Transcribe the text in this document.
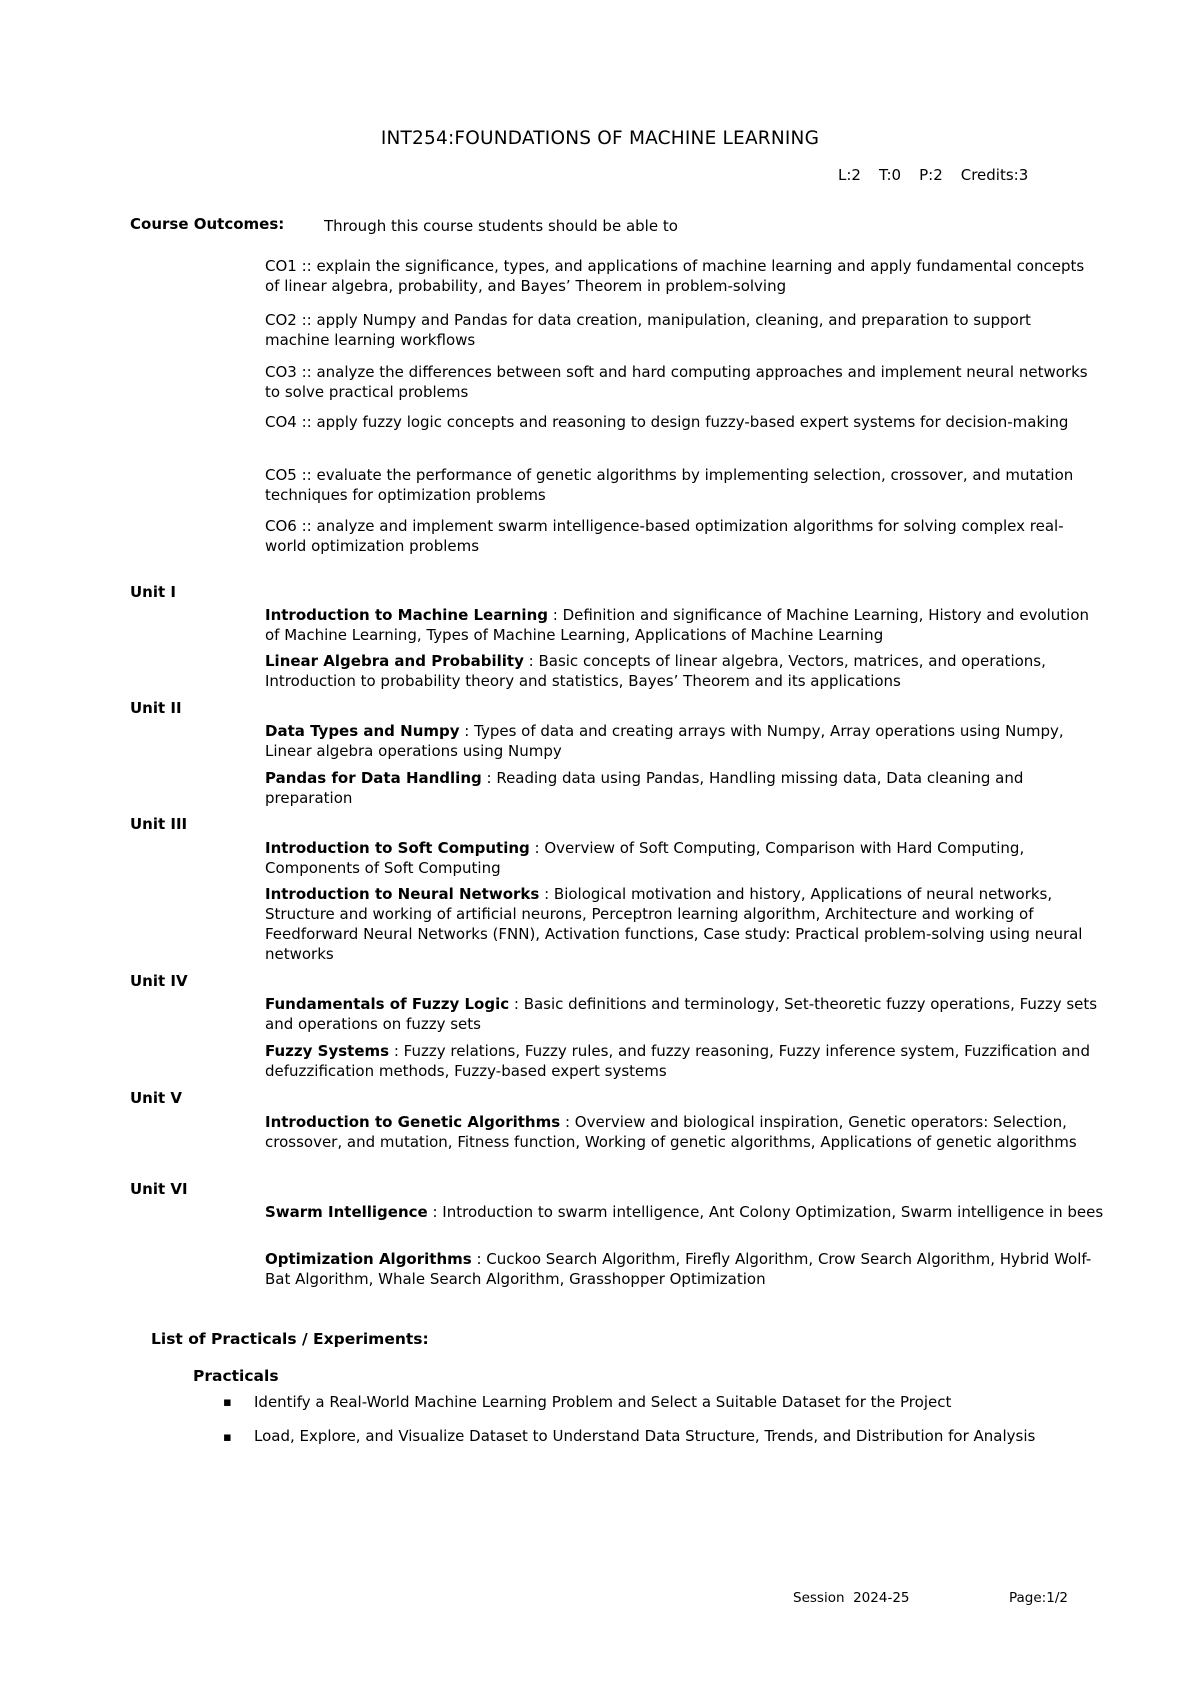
INT254:FOUNDATIONS OF MACHINE LEARNING
L:2 T:0 P:2 Credits:3
Course Outcomes:	Through this course students should be able to
CO1 :: explain the significance, types, and applications of machine learning and apply fundamental concepts of linear algebra, probability, and Bayes’ Theorem in problem-solving
CO2 :: apply Numpy and Pandas for data creation, manipulation, cleaning, and preparation to support machine learning workflows
CO3 :: analyze the differences between soft and hard computing approaches and implement neural networks to solve practical problems
CO4 :: apply fuzzy logic concepts and reasoning to design fuzzy-based expert systems for decision-making
CO5 :: evaluate the performance of genetic algorithms by implementing selection, crossover, and mutation techniques for optimization problems
CO6 :: analyze and implement swarm intelligence-based optimization algorithms for solving complex real-world optimization problems
Unit I
Introduction to Machine Learning : Definition and significance of Machine Learning, History and evolution of Machine Learning, Types of Machine Learning, Applications of Machine Learning
Linear Algebra and Probability : Basic concepts of linear algebra, Vectors, matrices, and operations, Introduction to probability theory and statistics, Bayes’ Theorem and its applications
Unit II
Data Types and Numpy : Types of data and creating arrays with Numpy, Array operations using Numpy, Linear algebra operations using Numpy
Pandas for Data Handling : Reading data using Pandas, Handling missing data, Data cleaning and preparation
Unit III
Introduction to Soft Computing : Overview of Soft Computing, Comparison with Hard Computing, Components of Soft Computing
Introduction to Neural Networks : Biological motivation and history, Applications of neural networks, Structure and working of artificial neurons, Perceptron learning algorithm, Architecture and working of Feedforward Neural Networks (FNN), Activation functions, Case study: Practical problem-solving using neural networks
Unit IV
Fundamentals of Fuzzy Logic : Basic definitions and terminology, Set-theoretic fuzzy operations, Fuzzy sets and operations on fuzzy sets
Fuzzy Systems : Fuzzy relations, Fuzzy rules, and fuzzy reasoning, Fuzzy inference system, Fuzzification and defuzzification methods, Fuzzy-based expert systems
Unit V
Introduction to Genetic Algorithms : Overview and biological inspiration, Genetic operators: Selection, crossover, and mutation, Fitness function, Working of genetic algorithms, Applications of genetic algorithms
Unit VI
Swarm Intelligence : Introduction to swarm intelligence, Ant Colony Optimization, Swarm intelligence in bees
Optimization Algorithms : Cuckoo Search Algorithm, Firefly Algorithm, Crow Search Algorithm, Hybrid Wolf-Bat Algorithm, Whale Search Algorithm, Grasshopper Optimization
List of Practicals / Experiments:
Practicals
▪ Identify a Real-World Machine Learning Problem and Select a Suitable Dataset for the Project
▪ Load, Explore, and Visualize Dataset to Understand Data Structure, Trends, and Distribution for Analysis
Session  2024-25	Page:1/2
